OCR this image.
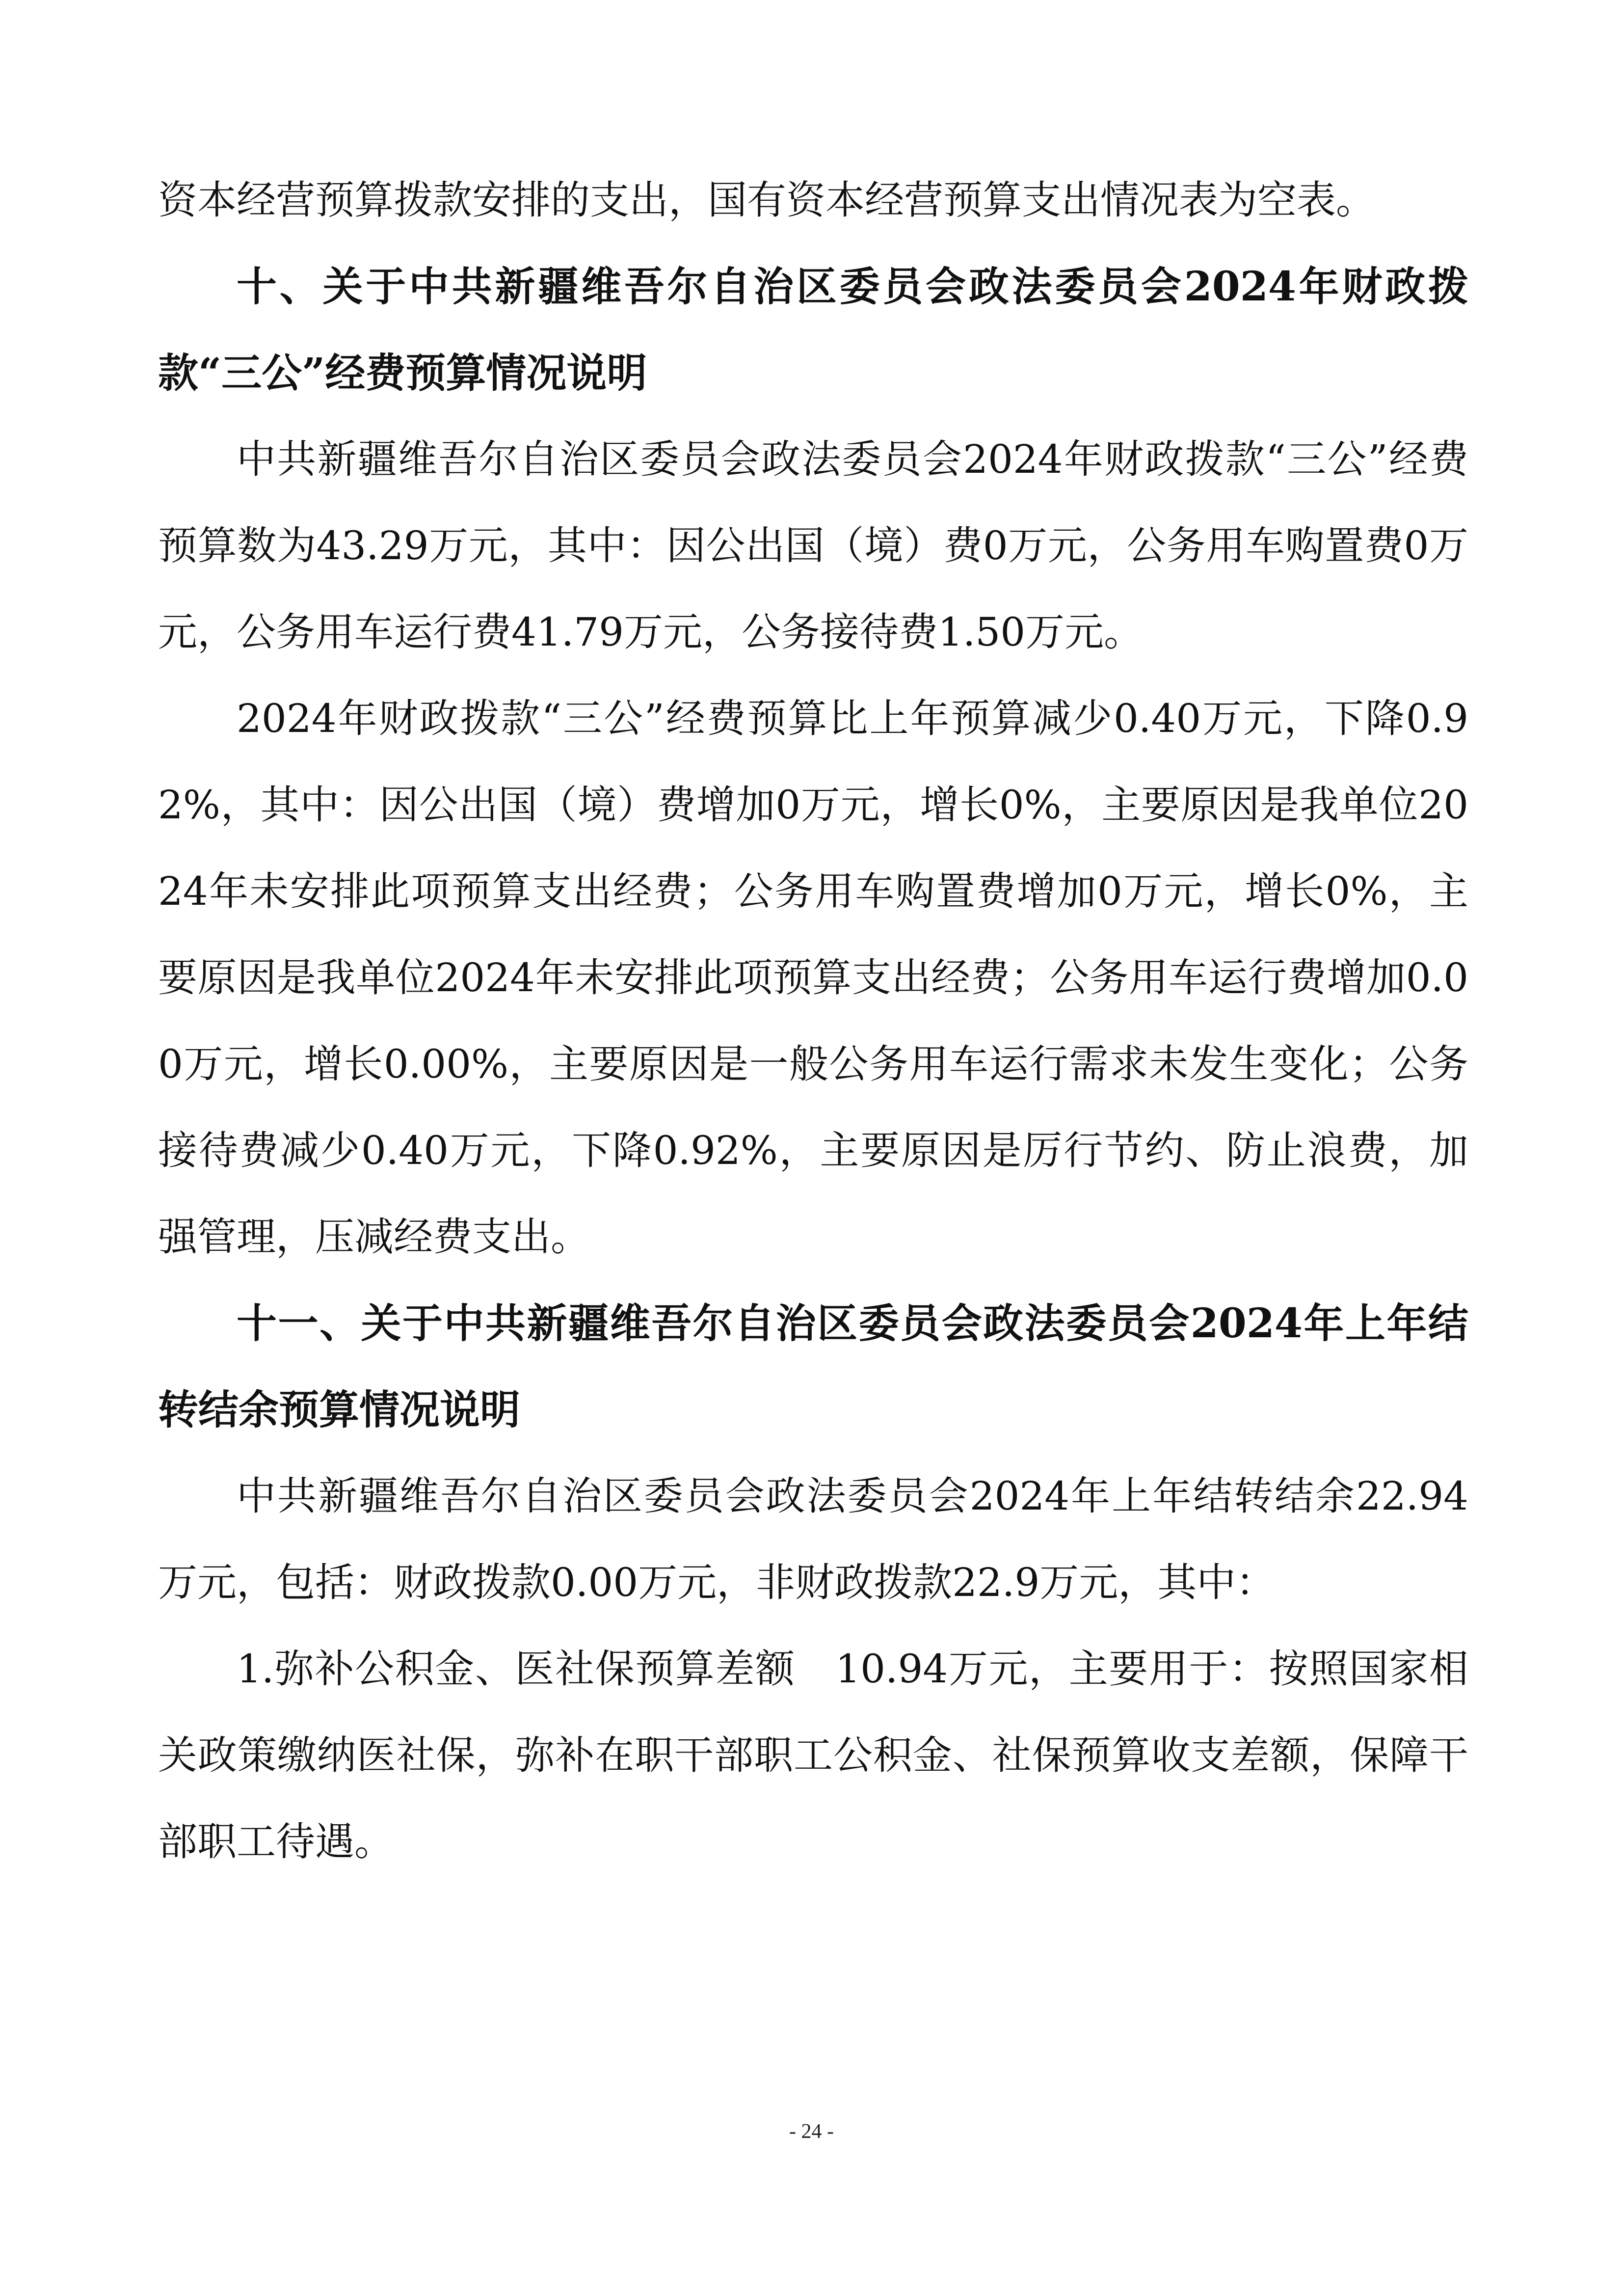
资本经营预算拨款安排的支出，国有资本经营预算支出情况表为空表。

十、关于中共新疆维吾尔自治区委员会政法委员会2024年财政拨款“三公”经费预算情况说明

中共新疆维吾尔自治区委员会政法委员会2024年财政拨款“三公”经费预算数为43.29万元，其中：因公出国（境）费0万元，公务用车购置费0万元，公务用车运行费41.79万元，公务接待费1.50万元。

2024年财政拨款“三公”经费预算比上年预算减少0.40万元，下降0.92%，其中：因公出国（境）费增加0万元，增长0%，主要原因是我单位2024年未安排此项预算支出经费；公务用车购置费增加0万元，增长0%，主要原因是我单位2024年未安排此项预算支出经费；公务用车运行费增加0.00万元，增长0.00%，主要原因是一般公务用车运行需求未发生变化；公务接待费减少0.40万元，下降0.92%，主要原因是厉行节约、防止浪费，加强管理，压减经费支出。

十一、关于中共新疆维吾尔自治区委员会政法委员会2024年上年结转结余预算情况说明

中共新疆维吾尔自治区委员会政法委员会2024年上年结转结余22.94万元，包括：财政拨款0.00万元，非财政拨款22.9万元，其中：

1.弥补公积金、医社保预算差额　10.94万元，主要用于：按照国家相关政策缴纳医社保，弥补在职干部职工公积金、社保预算收支差额，保障干部职工待遇。

- 24 -
